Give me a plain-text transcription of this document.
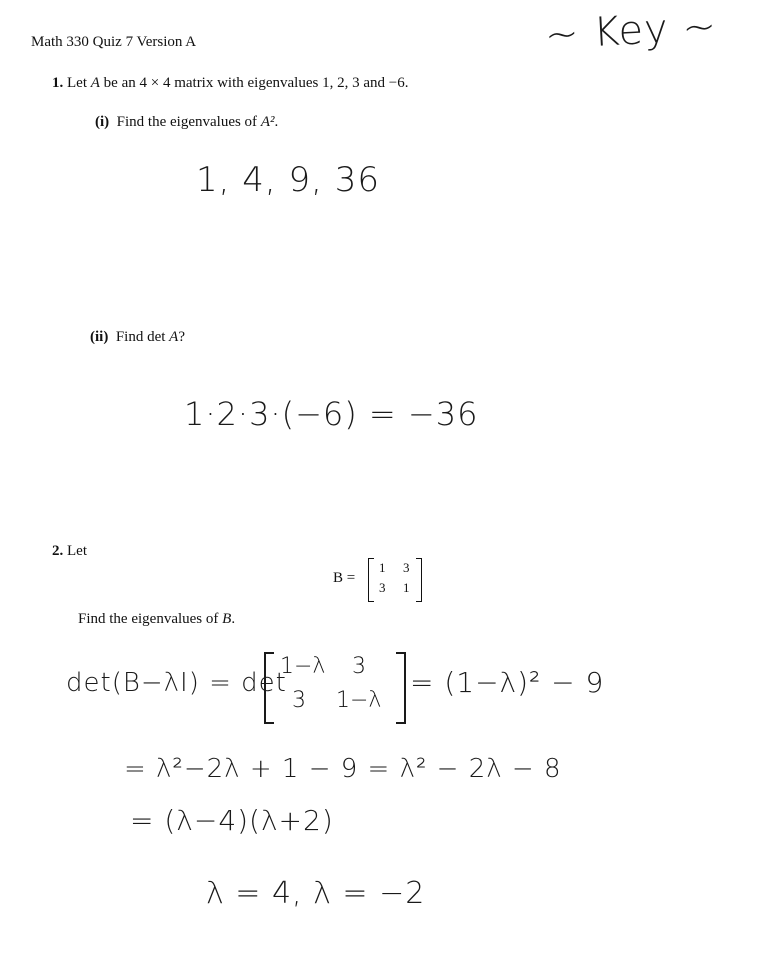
Math 330 Quiz 7 Version A	~ Key ~
1. Let A be an 4 × 4 matrix with eigenvalues 1, 2, 3 and −6.
(i) Find the eigenvalues of A².
1, 4, 9, 36
(ii) Find det A?
1·2·3·(−6) = −36
2. Let
B =
1 3
3 1
Find the eigenvalues of B.
det(B−λI) = det
1−λ 3
3 1−λ
= (1−λ)² − 9
= λ²−2λ + 1 − 9 = λ² − 2λ − 8
= (λ−4)(λ+2)
λ = 4, λ = −2
